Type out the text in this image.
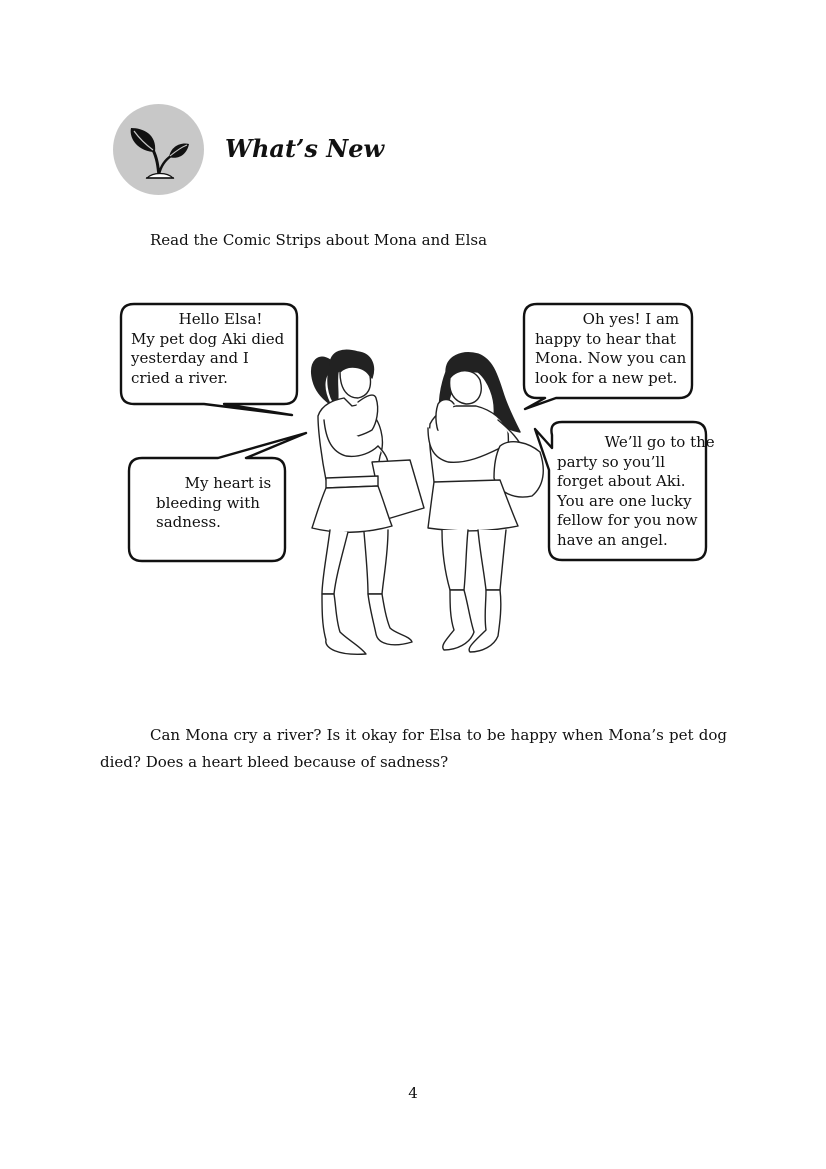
What’s New
Read the Comic Strips about Mona and Elsa
Hello Elsa!
My pet dog Aki died
yesterday and I
cried a river.
My heart is
bleeding with
sadness.
Oh yes! I am
happy to hear that
Mona. Now you can
look for a new pet.
We’ll go to the
party so you’ll
forget about Aki.
You are one lucky
fellow for you now
have an angel.
Can Mona cry a river? Is it okay for Elsa to be happy when Mona’s pet dog died? Does a heart bleed because of sadness?
4
